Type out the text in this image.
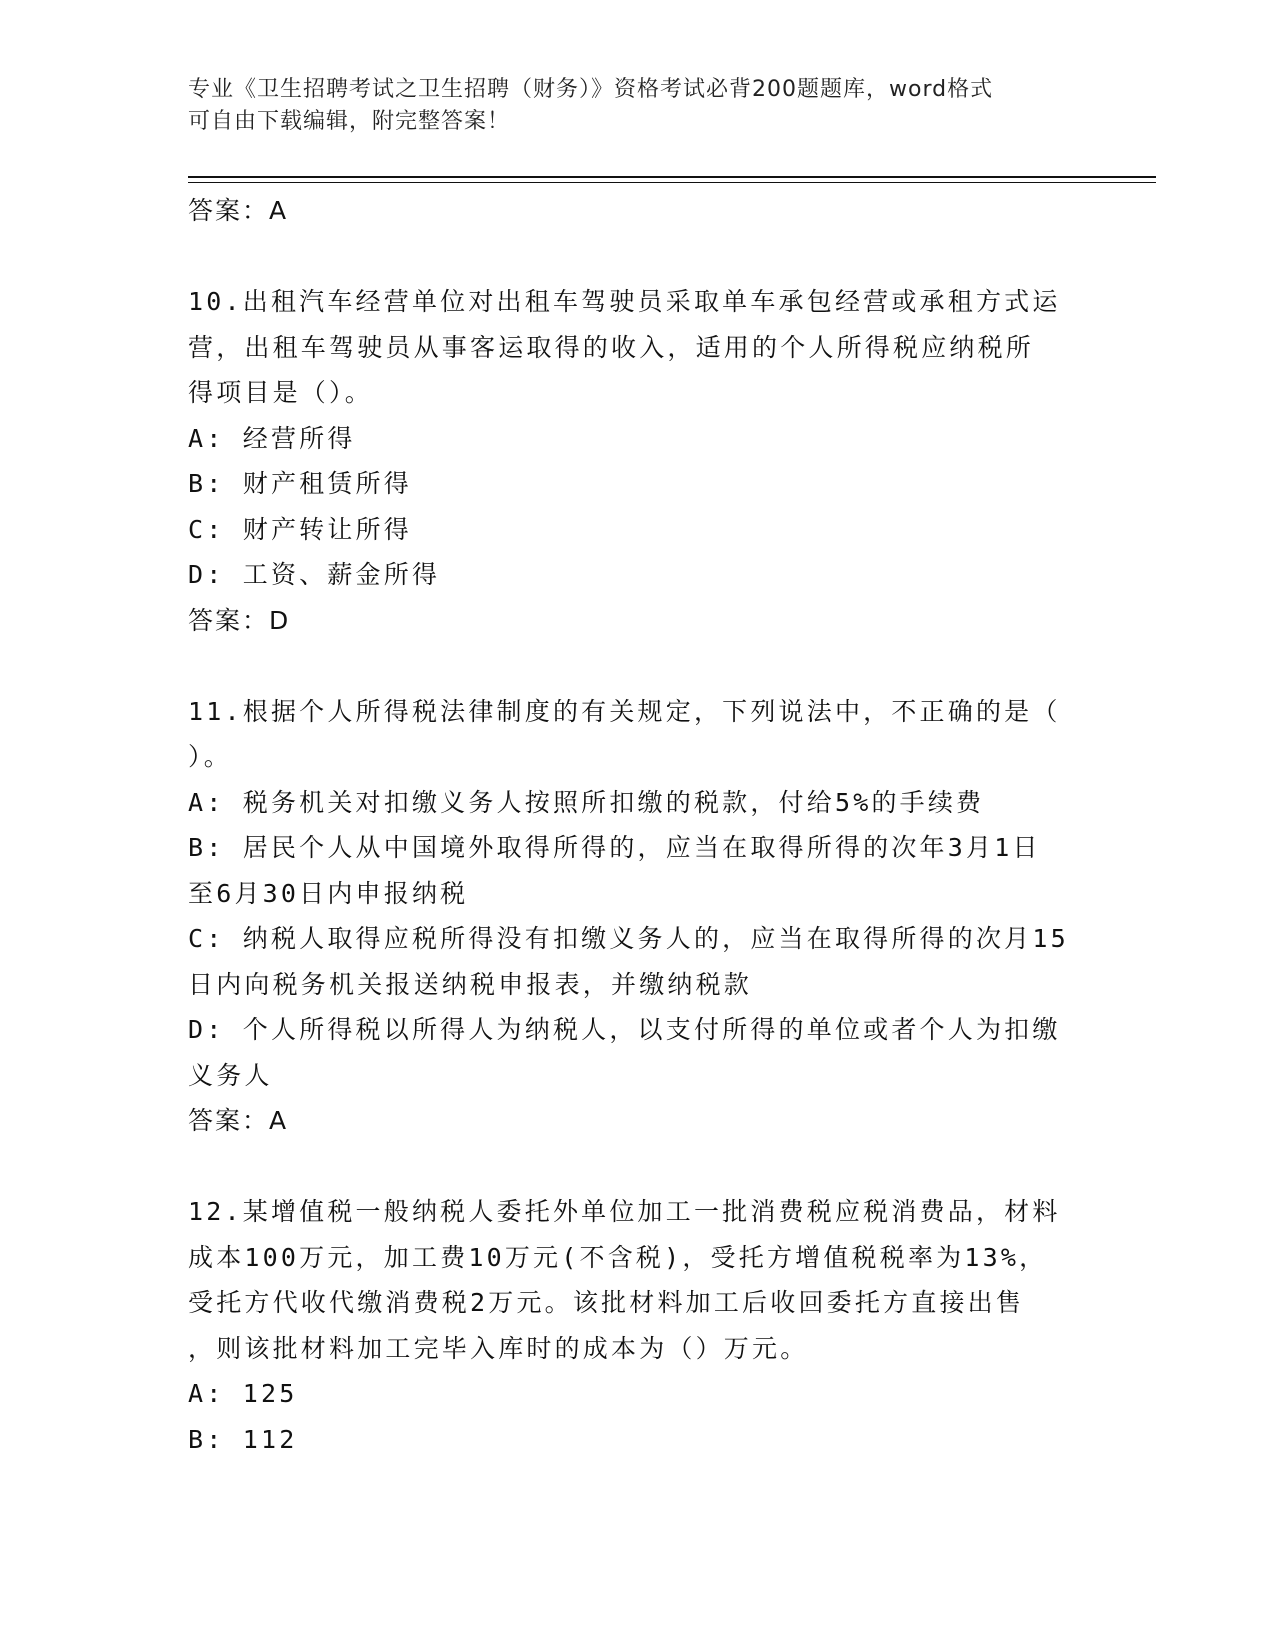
专业《卫生招聘考试之卫生招聘（财务）》资格考试必背200题题库，word格式
可自由下载编辑，附完整答案！
答案：A
10.出租汽车经营单位对出租车驾驶员采取单车承包经营或承租方式运
营，出租车驾驶员从事客运取得的收入，适用的个人所得税应纳税所
得项目是（）。
A: 经营所得
B: 财产租赁所得
C: 财产转让所得
D: 工资、薪金所得
答案：D
11.根据个人所得税法律制度的有关规定，下列说法中，不正确的是（
）。
A: 税务机关对扣缴义务人按照所扣缴的税款，付给5%的手续费
B: 居民个人从中国境外取得所得的，应当在取得所得的次年3月1日
至6月30日内申报纳税
C: 纳税人取得应税所得没有扣缴义务人的，应当在取得所得的次月15
日内向税务机关报送纳税申报表，并缴纳税款
D: 个人所得税以所得人为纳税人，以支付所得的单位或者个人为扣缴
义务人
答案：A
12.某增值税一般纳税人委托外单位加工一批消费税应税消费品，材料
成本100万元，加工费10万元(不含税)，受托方增值税税率为13%，
受托方代收代缴消费税2万元。该批材料加工后收回委托方直接出售
，则该批材料加工完毕入库时的成本为（）万元。
A: 125
B: 112
